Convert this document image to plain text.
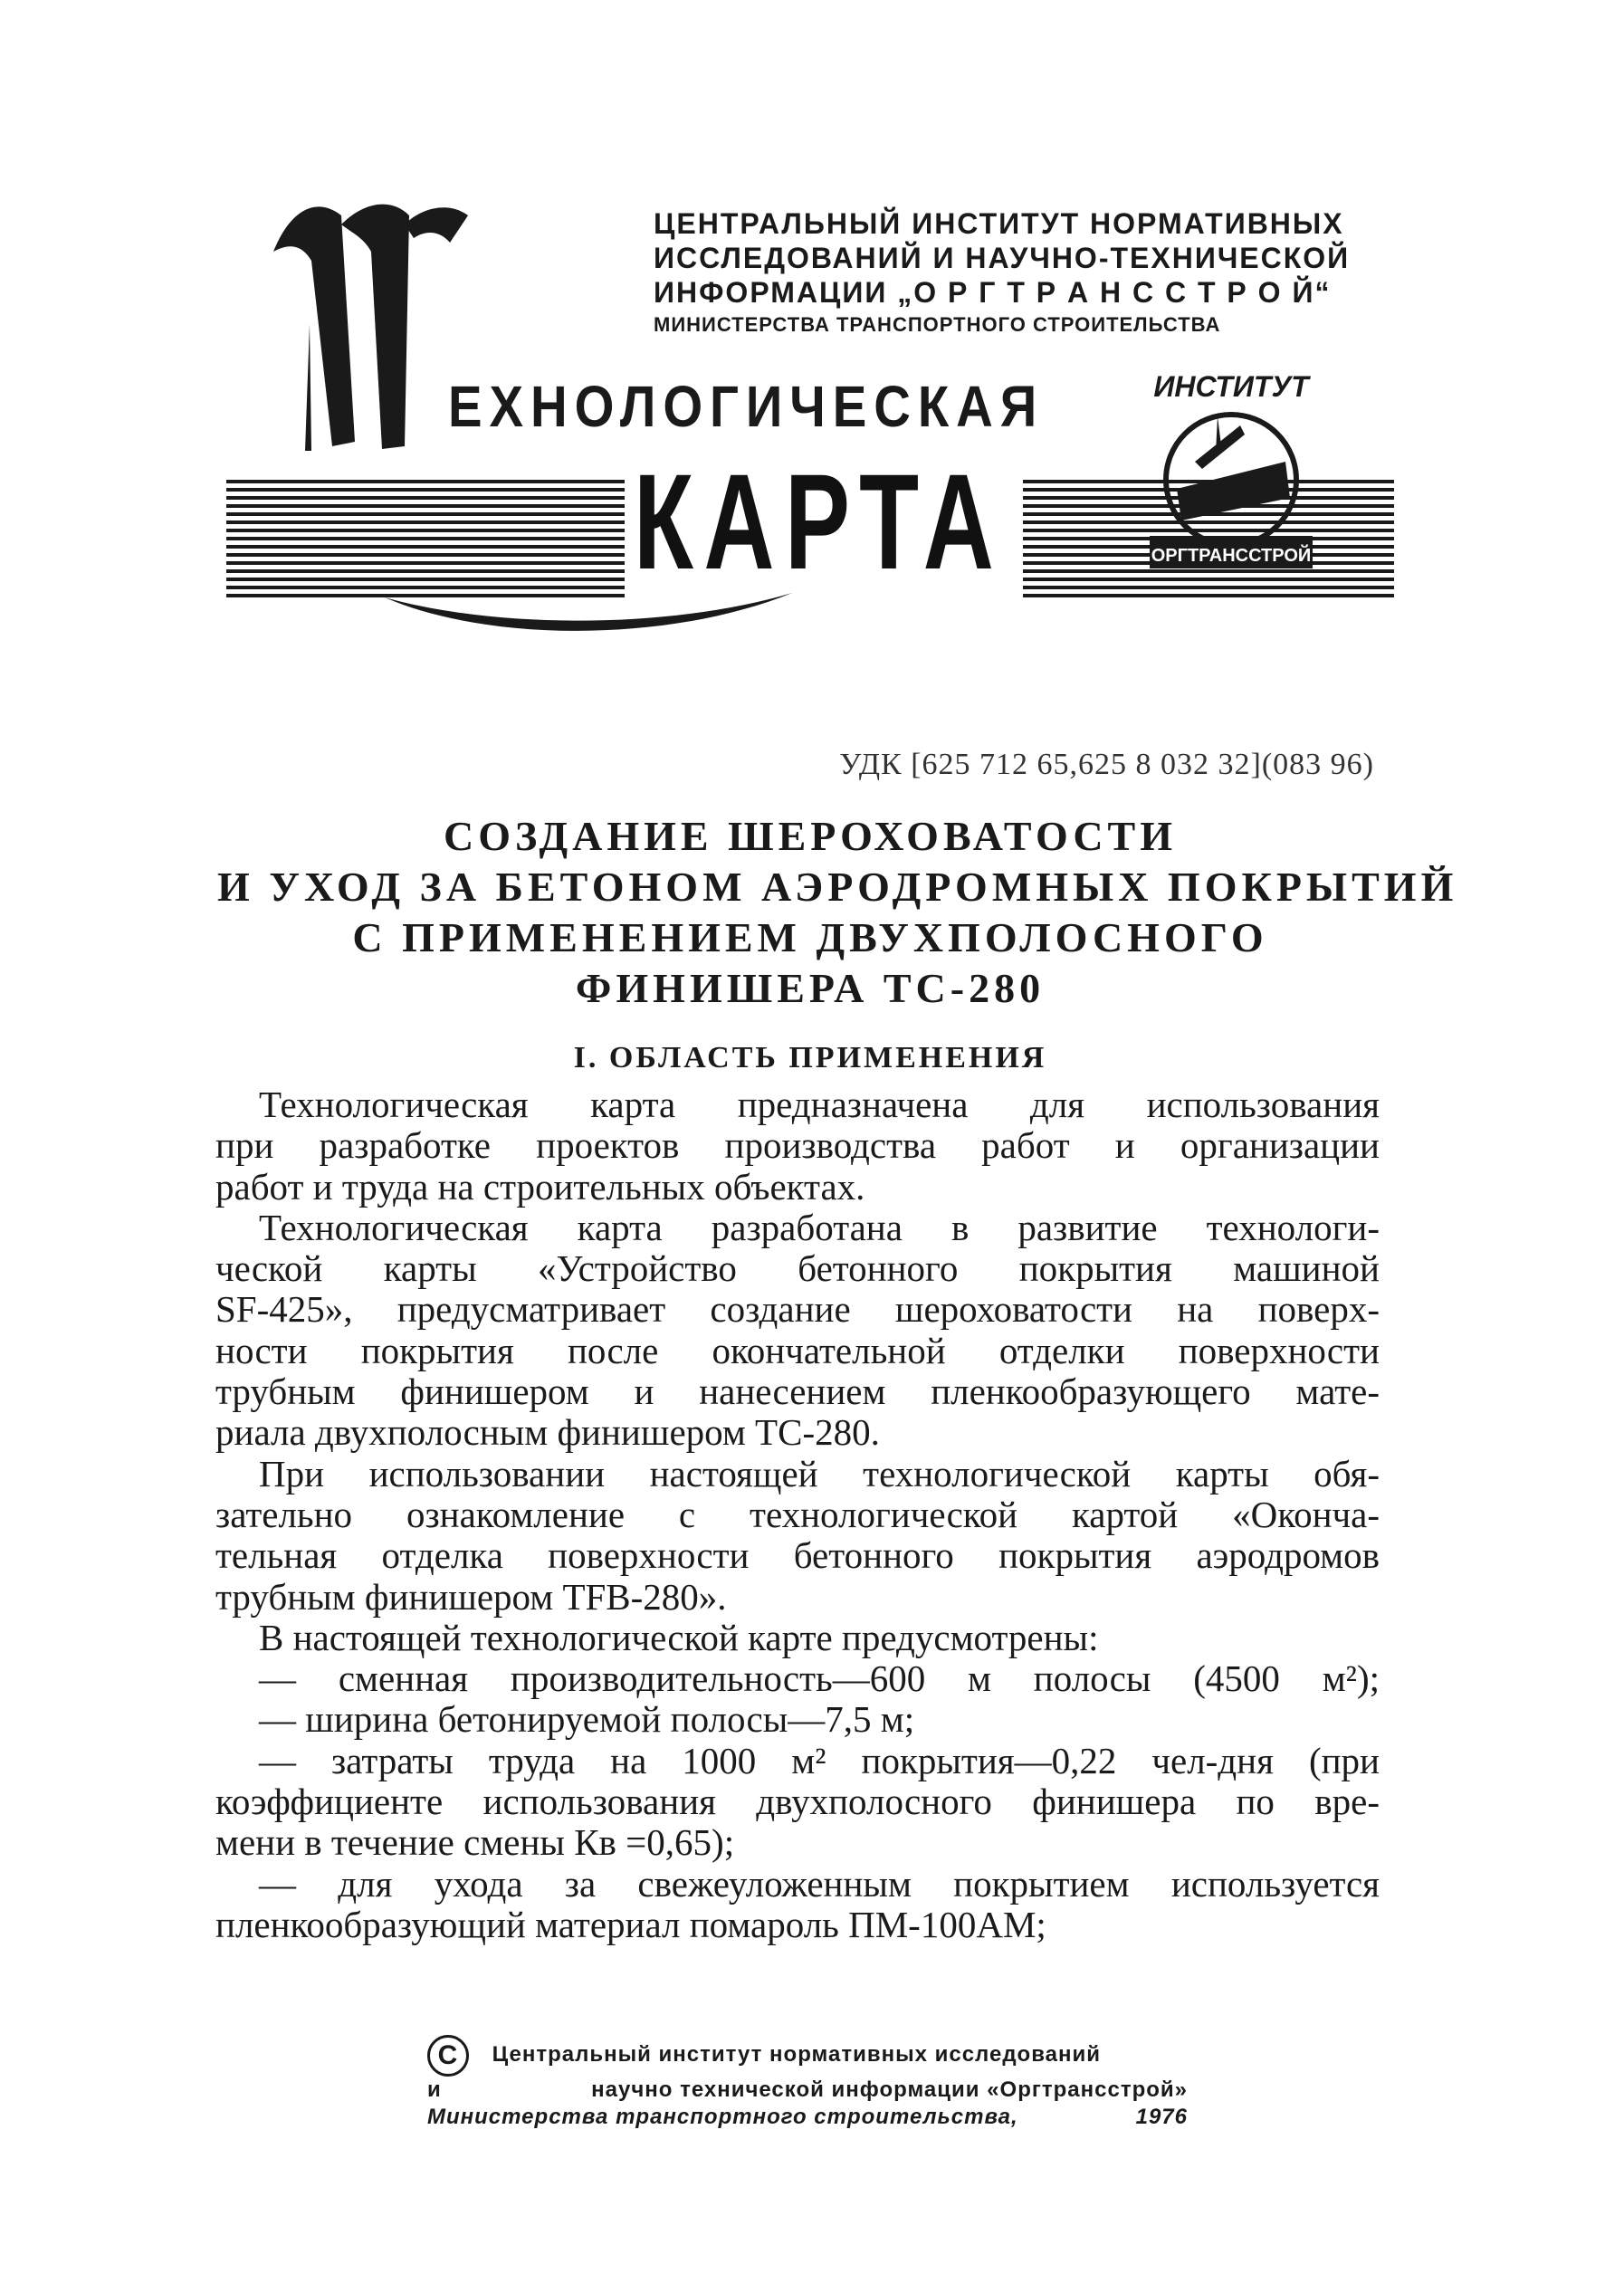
ЦЕНТРАЛЬНЫЙ ИНСТИТУТ НОРМАТИВНЫХ
ИССЛЕДОВАНИЙ И НАУЧНО-ТЕХНИЧЕСКОЙ
ИНФОРМАЦИИ „О Р Г Т Р А Н С С Т Р О Й“
МИНИСТЕРСТВА ТРАНСПОРТНОГО СТРОИТЕЛЬСТВА
ЕХНОЛОГИЧЕСКАЯ
КАРТА
ИНСТИТУТ
ОРГТРАНССТРОЙ
УДК [625 712 65,625 8 032 32](083 96)
СОЗДАНИЕ ШЕРОХОВАТОСТИ
И УХОД ЗА БЕТОНОМ АЭРОДРОМНЫХ ПОКРЫТИЙ
С ПРИМЕНЕНИЕМ ДВУХПОЛОСНОГО
ФИНИШЕРА ТС-280
I. ОБЛАСТЬ ПРИМЕНЕНИЯ
Технологическая карта предназначена для использования
при разработке проектов производства работ и организации
работ и труда на строительных объектах.
Технологическая карта разработана в развитие технологи-
ческой карты «Устройство бетонного покрытия машиной
SF-425», предусматривает создание шероховатости на поверх-
ности покрытия после окончательной отделки поверхности
трубным финишером и нанесением пленкообразующего мате-
риала двухполосным финишером ТС-280.
При использовании настоящей технологической карты обя-
зательно ознакомление с технологической картой «Оконча-
тельная отделка поверхности бетонного покрытия аэродромов
трубным финишером TFB-280».
В настоящей технологической карте предусмотрены:
— сменная производительность—600 м полосы (4500 м²);
— ширина бетонируемой полосы—7,5 м;
— затраты труда на 1000 м² покрытия—0,22 чел-дня (при
коэффициенте использования двухполосного финишера по вре-
мени в течение смены Кв =0,65);
— для ухода за свежеуложенным покрытием используется
пленкообразующий материал помароль ПМ-100АМ;
C Центральный институт нормативных исследований
и	научно технической информации «Оргтрансстрой»
Министерства транспортного строительства,	1976
